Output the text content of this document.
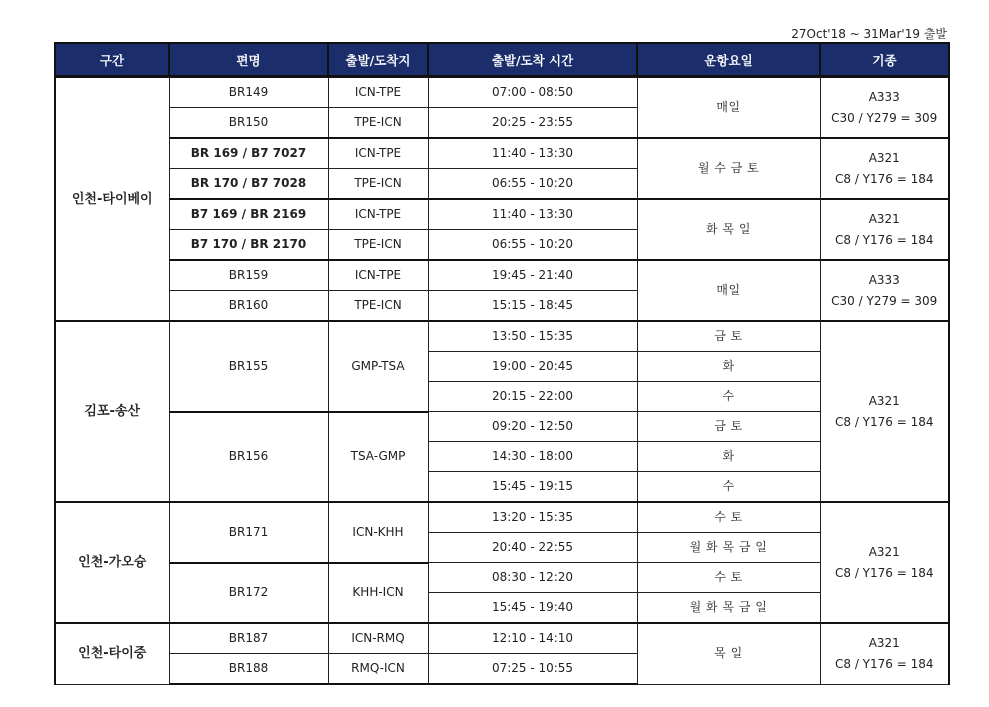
27Oct'18 ~ 31Mar'19 출발
구간	편명	출발/도착지	출발/도착 시간	운항요일	기종
인천-타이베이	BR149	ICN-TPE	07:00 - 08:50	매일	A333
C30 / Y279 = 309

	BR150	TPE-ICN	20:25 - 23:55		
	BR 169 / B7 7027	ICN-TPE	11:40 - 13:30	월 수 금 토	A321
C8 / Y176 = 184

	BR 170 / B7 7028	TPE-ICN	06:55 - 10:20		
	B7 169 / BR 2169	ICN-TPE	11:40 - 13:30	화 목 일	A321
C8 / Y176 = 184

	B7 170 / BR 2170	TPE-ICN	06:55 - 10:20		
	BR159	ICN-TPE	19:45 - 21:40	매일	A333
C30 / Y279 = 309

	BR160	TPE-ICN	15:15 - 18:45		
김포-송산	BR155	GMP-TSA	13:50 - 15:35	금 토	A321
C8 / Y176 = 184

			19:00 - 20:45	화	
			20:15 - 22:00	수	
	BR156	TSA-GMP	09:20 - 12:50	금 토	
			14:30 - 18:00	화	
			15:45 - 19:15	수	
인천-가오슝	BR171	ICN-KHH	13:20 - 15:35	수 토	A321
C8 / Y176 = 184

			20:40 - 22:55	월 화 목 금 일	
	BR172	KHH-ICN	08:30 - 12:20	수 토	
			15:45 - 19:40	월 화 목 금 일	
인천-타이중	BR187	ICN-RMQ	12:10 - 14:10	목 일	A321
C8 / Y176 = 184

	BR188	RMQ-ICN	07:25 - 10:55		
